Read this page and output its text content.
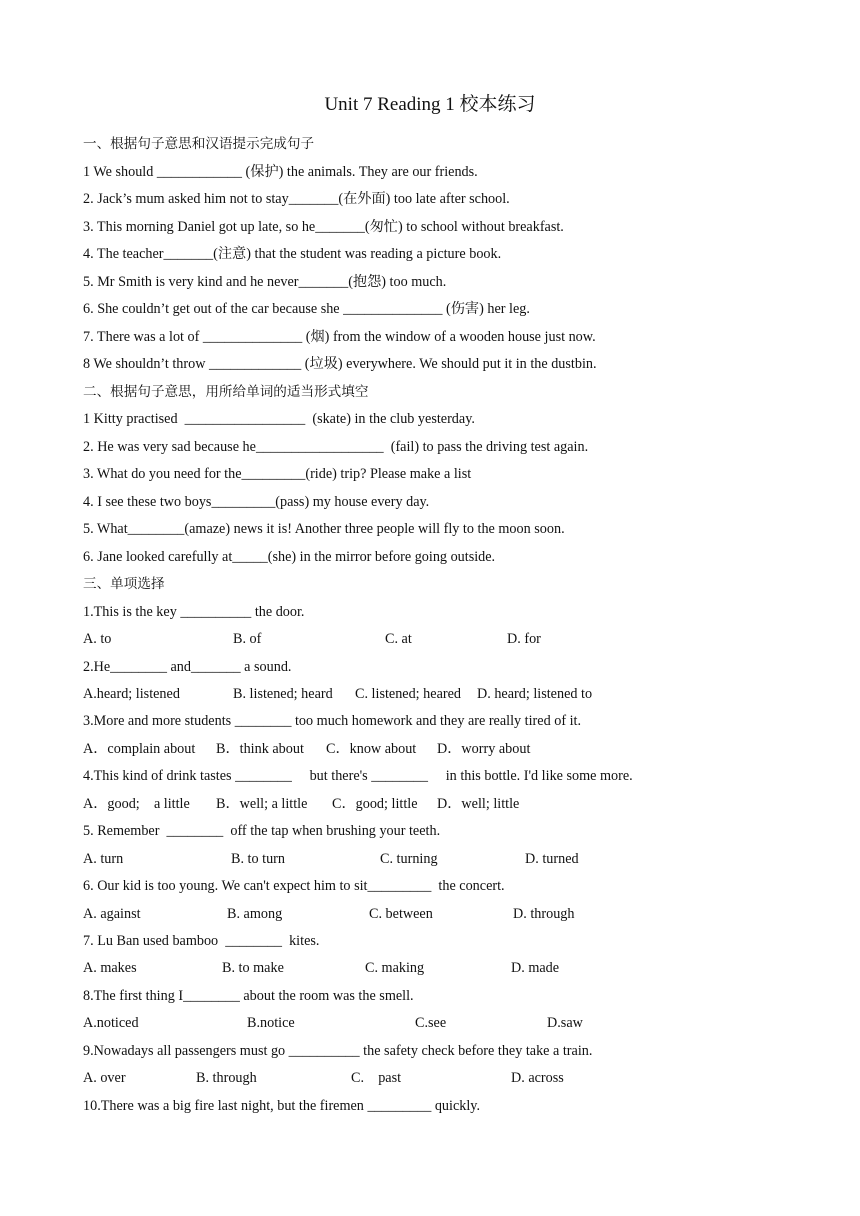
Unit 7 Reading 1 校本练习
一、根据句子意思和汉语提示完成句子
1 We should ____________ (保护) the animals. They are our friends.
2. Jack’s mum asked him not to stay_______(在外面) too late after school.
3. This morning Daniel got up late, so he_______(匆忙) to school without breakfast.
4. The teacher_______(注意) that the student was reading a picture book.
5. Mr Smith is very kind and he never_______(抱怨) too much.
6. She couldn’t get out of the car because she ______________ (伤害) her leg.
7. There was a lot of ______________ (烟) from the window of a wooden house just now.
8 We shouldn’t throw _____________ (垃圾) everywhere. We should put it in the dustbin.
二、根据句子意思，用所给单词的适当形式填空
1 Kitty practised  _________________  (skate) in the club yesterday.
2. He was very sad because he__________________  (fail) to pass the driving test again.
3. What do you need for the_________(ride) trip? Please make a list
4. I see these two boys_________(pass) my house every day.
5. What________(amaze) news it is! Another three people will fly to the moon soon.
6. Jane looked carefully at_____(she) in the mirror before going outside.
三、单项选择
1.This is the key __________ the door.
A. to	B. of	C. at	D. for
2.He________ and_______ a sound.
A.heard; listened	B. listened; heard C. listened; heared D. heard; listened to
3.More and more students ________ too much homework and they are really tired of it.
A．complain about B．think about C．know about D．worry about
4.This kind of drink tastes ________     but there's ________     in this bottle. I'd like some more.
A．good;    a little B．well; a little C．good; little D．well; little
5. Remember  ________  off the tap when brushing your teeth.
A. turn	B. to turn	C. turning	D. turned
6. Our kid is too young. We can't expect him to sit_________  the concert.
A. against	B. among	C. between	D. through
7. Lu Ban used bamboo  ________  kites.
A. makes	B. to make	C. making	D. made
8.The first thing I________ about the room was the smell.
A.noticed	B.notice	C.see	D.saw
9.Nowadays all passengers must go __________ the safety check before they take a train.
A. over	B. through	C.    past	D. across
10.There was a big fire last night, but the firemen _________ quickly.
